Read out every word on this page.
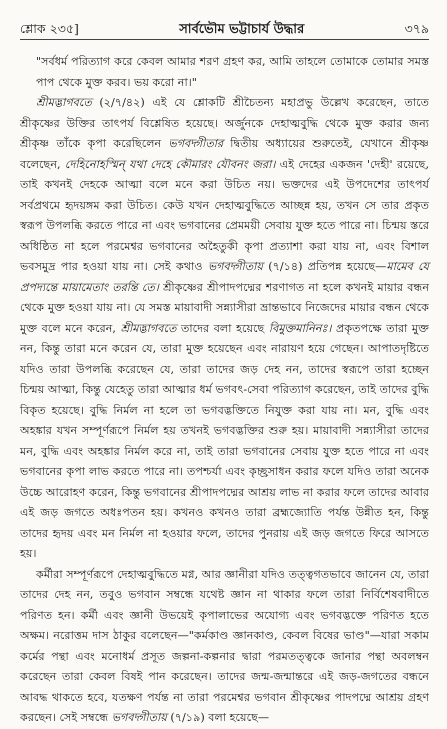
শ্লোক ২৩৫]	সার্বভৌম ভট্টাচার্য উদ্ধার	৩৭৯

"সর্বধর্ম পরিত্যাগ করে কেবল আমার শরণ গ্রহণ কর, আমি তাহলে তোমাকে তোমার সমস্ত পাপ থেকে মুক্ত করব। ভয় করো না।"

শ্রীমদ্ভাগবতে (২/৭/৪২) এই যে শ্লোকটি শ্রীচৈতন্য মহাপ্রভু উল্লেখ করেছেন, তাতে শ্রীকৃষ্ণের উক্তির তাৎপর্য বিশ্লেষিত হয়েছে। অর্জুনকে দেহাত্মবুদ্ধি থেকে মুক্ত করার জন্য শ্রীকৃষ্ণ তাঁকে কৃপা করেছিলেন ভগবদ্গীতার দ্বিতীয় অধ্যায়ের শুরুতেই, যেখানে শ্রীকৃষ্ণ বলেছেন, দেহিনোহস্মিন্ যথা দেহে কৌমারং যৌবনং জরা। এই দেহের একজন 'দেহী' রয়েছে, তাই কখনই দেহকে আত্মা বলে মনে করা উচিত নয়। ভক্তদের এই উপদেশের তাৎপর্য সর্বপ্রথমে হৃদয়ঙ্গম করা উচিত। কেউ যখন দেহাত্মবুদ্ধিতে আচ্ছন্ন হয়, তখন সে তার প্রকৃত স্বরূপ উপলব্ধি করতে পারে না এবং ভগবানের প্রেমময়ী সেবায় যুক্ত হতে পারে না। চিন্ময় স্তরে অধিষ্ঠিত না হলে পরমেশ্বর ভগবানের অহৈতুকী কৃপা প্রত্যাশা করা যায় না, এবং বিশাল ভবসমুদ্র পার হওয়া যায় না। সেই কথাও ভগবদ্গীতায় (৭/১৪) প্রতিপন্ন হয়েছে—মামেব যে প্রপদ্যন্তে মায়ামেতাং তরন্তি তে। শ্রীকৃষ্ণের শ্রীপাদপদ্মের শরণাগত না হলে কখনই মায়ার বন্ধন থেকে মুক্ত হওয়া যায় না। যে সমস্ত মায়াবাদী সন্ন্যাসীরা ভ্রান্তভাবে নিজেদের মায়ার বন্ধন থেকে মুক্ত বলে মনে করেন, শ্রীমদ্ভাগবতে তাদের বলা হয়েছে বিমুক্তমানিনঃ। প্রকৃতপক্ষে তারা মুক্ত নন, কিন্তু তারা মনে করেন যে, তারা মুক্ত হয়েছেন এবং নারায়ণ হয়ে গেছেন। আপাতদৃষ্টিতে যদিও তারা উপলব্ধি করেছেন যে, তারা তাদের জড় দেহ নন, তাদের স্বরূপে তারা হচ্ছেন চিন্ময় আত্মা, কিন্তু যেহেতু তারা আত্মার ধর্ম ভগবৎ-সেবা পরিত্যাগ করেছেন, তাই তাদের বুদ্ধি বিকৃত হয়েছে। বুদ্ধি নির্মল না হলে তা ভগবদ্ভক্তিতে নিযুক্ত করা যায় না। মন, বুদ্ধি এবং অহঙ্কার যখন সম্পূর্ণরূপে নির্মল হয় তখনই ভগবদ্ভক্তির শুরু হয়। মায়াবাদী সন্ন্যাসীরা তাদের মন, বুদ্ধি এবং অহঙ্কার নির্মল করে না, তাই তারা ভগবানের সেবায় যুক্ত হতে পারে না এবং ভগবানের কৃপা লাভ করতে পারে না। তপশ্চর্যা এবং কৃচ্ছ্রসাধন করার ফলে যদিও তারা অনেক উচ্চে আরোহণ করেন, কিন্তু ভগবানের শ্রীপাদপদ্মের আশ্রয় লাভ না করার ফলে তাদের আবার এই জড় জগতে অধঃপতন হয়। কখনও কখনও তারা ব্রহ্মজ্যোতি পর্যন্ত উন্নীত হন, কিন্তু তাদের হৃদয় এবং মন নির্মল না হওয়ার ফলে, তাদের পুনরায় এই জড় জগতে ফিরে আসতে হয়।

কর্মীরা সম্পূর্ণরূপে দেহাত্মবুদ্ধিতে মগ্ন, আর জ্ঞানীরা যদিও তত্ত্বগতভাবে জানেন যে, তারা তাদের দেহ নন, তবুও ভগবান সম্বন্ধে যথেষ্ট জ্ঞান না থাকার ফলে তারা নির্বিশেষবাদীতে পরিণত হন। কর্মী এবং জ্ঞানী উভয়েই কৃপালাভের অযোগ্য এবং ভগবদ্ভক্তে পরিণত হতে অক্ষম। নরোত্তম দাস ঠাকুর বলেছেন—"কর্মকাণ্ড জ্ঞানকাণ্ড, কেবল বিষের ভাণ্ড"—যারা সকাম কর্মের পন্থা এবং মনোধর্ম প্রসূত জল্পনা-কল্পনার দ্বারা পরমতত্ত্বকে জানার পন্থা অবলম্বন করেছেন তারা কেবল বিষই পান করেছেন। তাদের জন্ম-জন্মান্তরে এই জড়-জগতের বন্ধনে আবদ্ধ থাকতে হবে, যতক্ষণ পর্যন্ত না তারা পরমেশ্বর ভগবান শ্রীকৃষ্ণের পাদপদ্মে আশ্রয় গ্রহণ করছেন। সেই সম্বন্ধে ভগবদ্গীতায় (৭/১৯) বলা হয়েছে—
